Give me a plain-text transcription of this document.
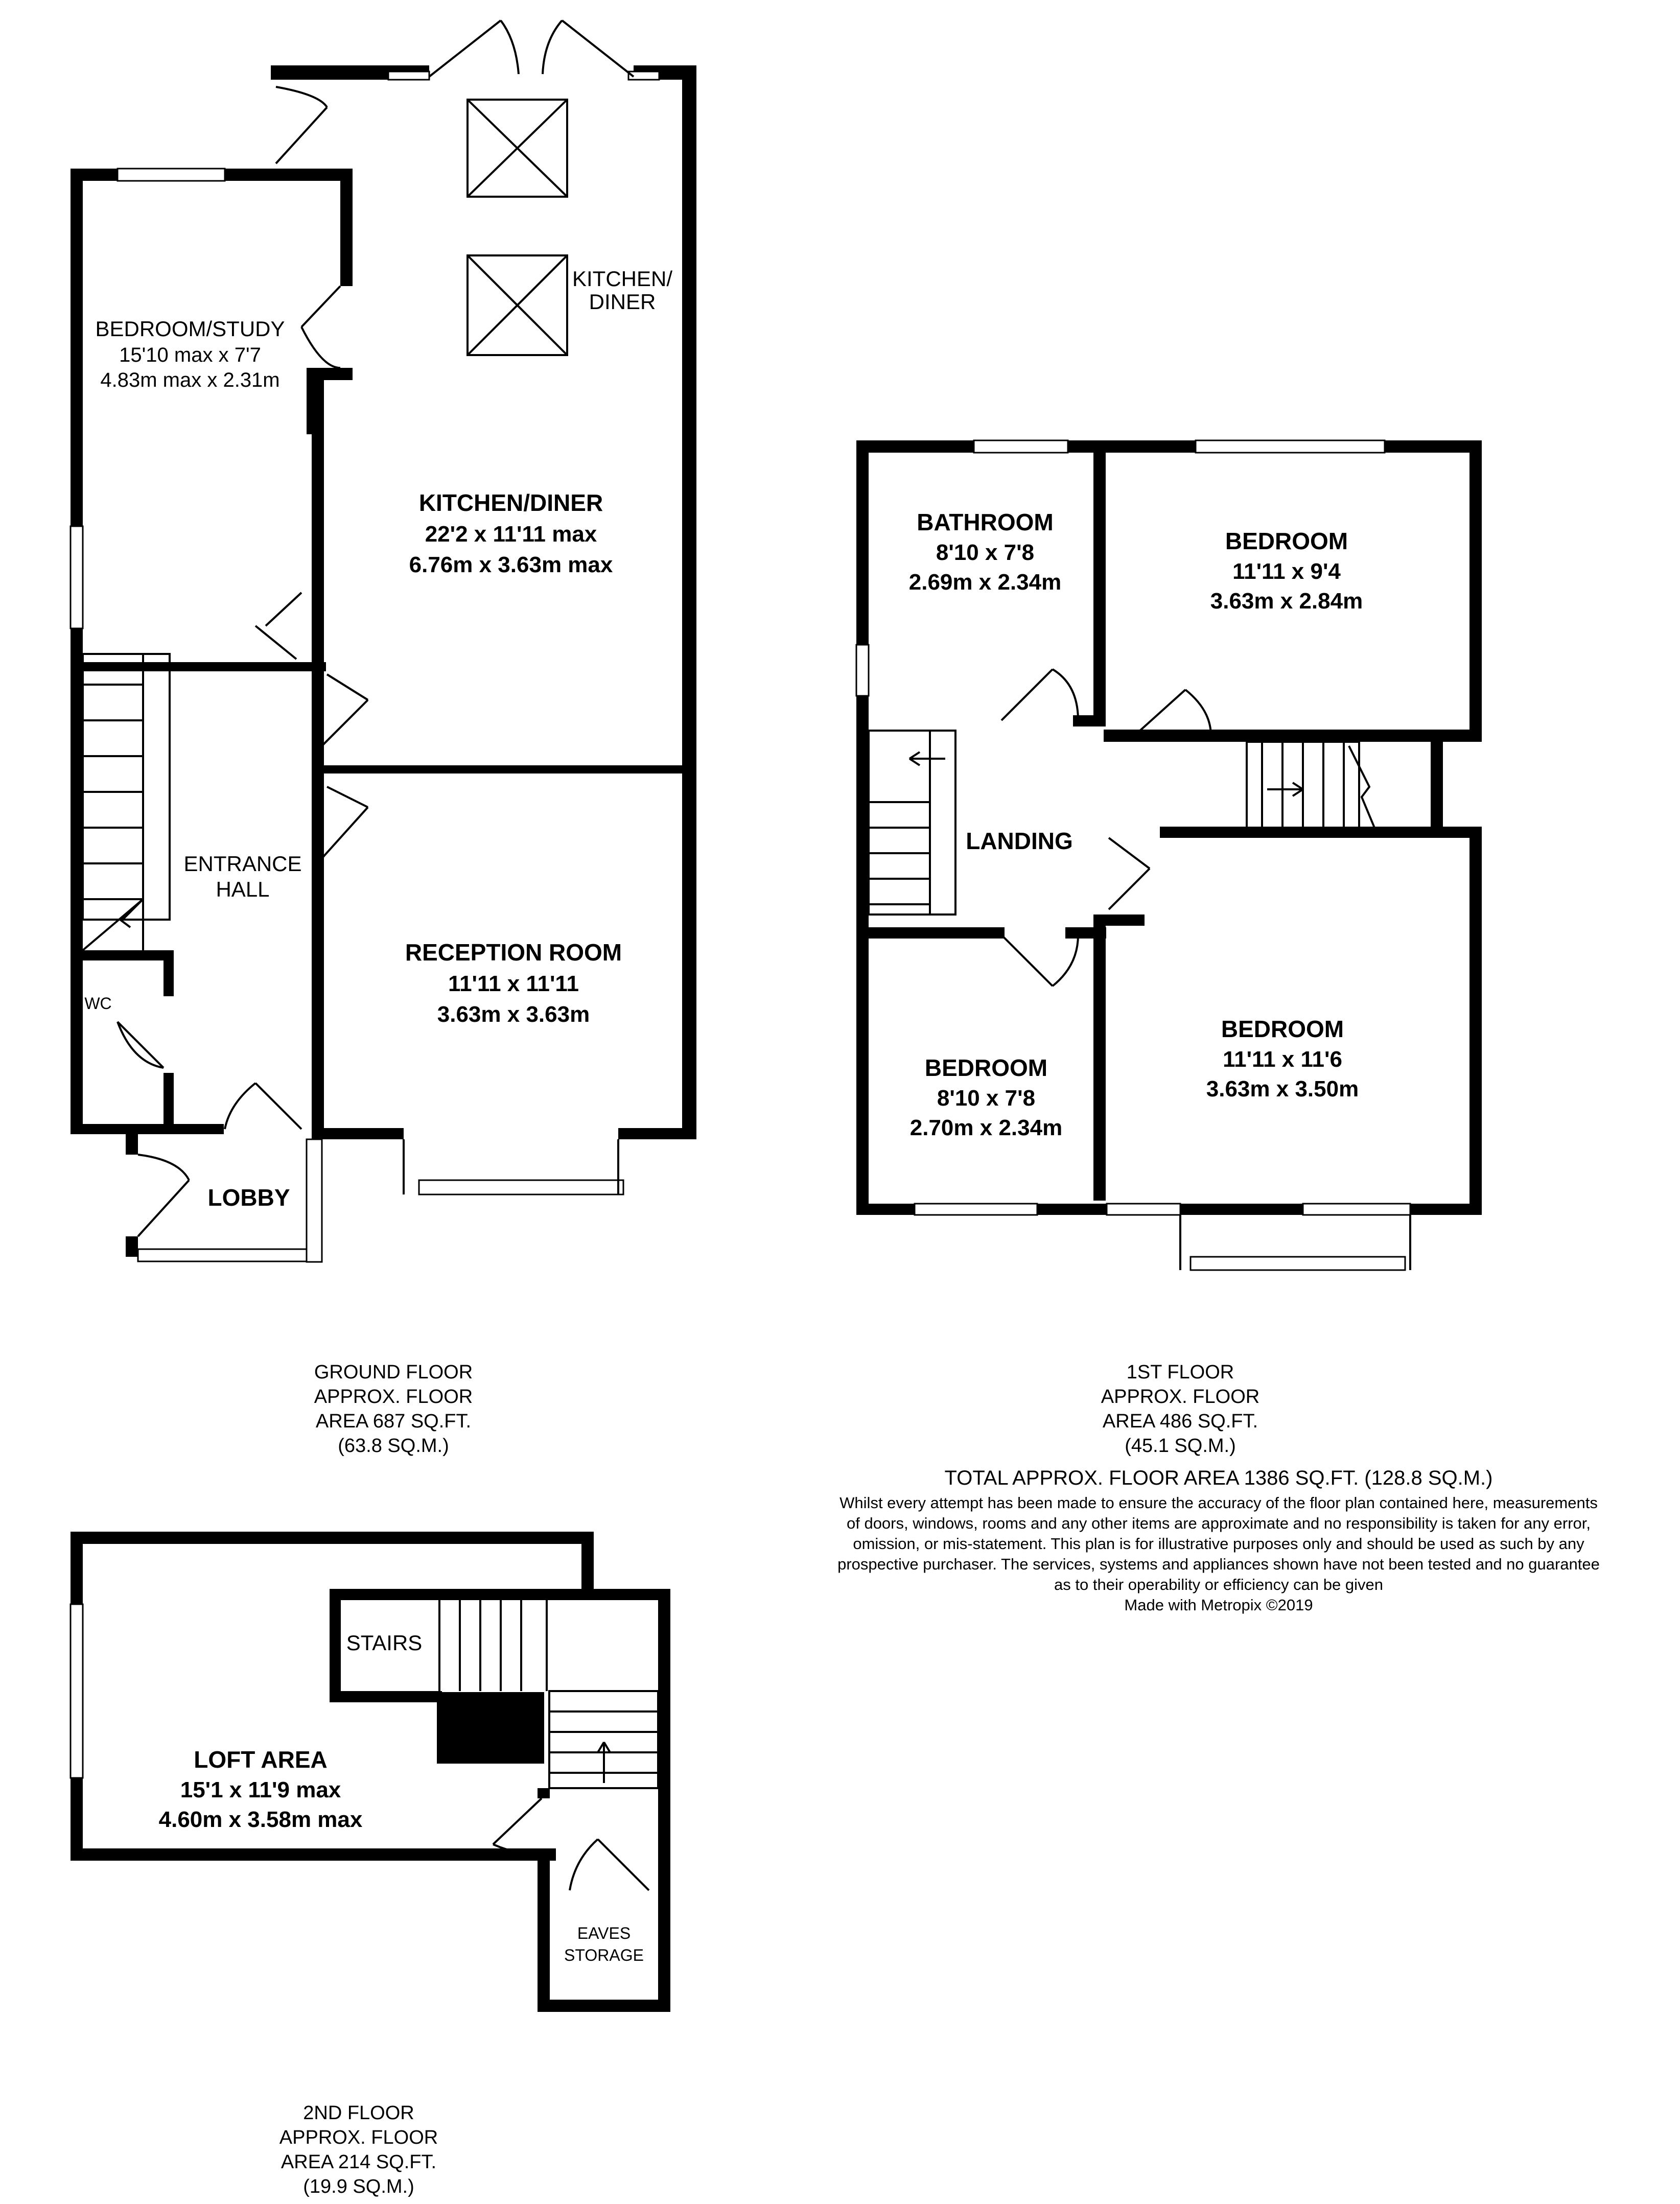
BEDROOM/STUDY
15'10 max x 7'7
4.83m max x 2.31m
KITCHEN/
DINER
KITCHEN/DINER
22'2 x 11'11 max
6.76m x 3.63m max
ENTRANCE
HALL
WC
RECEPTION ROOM
11'11 x 11'11
3.63m x 3.63m
LOBBY
GROUND FLOOR
APPROX. FLOOR
AREA 687 SQ.FT.
(63.8 SQ.M.)
BATHROOM
8'10 x 7'8
2.69m x 2.34m
BEDROOM
11'11 x 9'4
3.63m x 2.84m
LANDING
BEDROOM
8'10 x 7'8
2.70m x 2.34m
BEDROOM
11'11 x 11'6
3.63m x 3.50m
1ST FLOOR
APPROX. FLOOR
AREA 486 SQ.FT.
(45.1 SQ.M.)
TOTAL APPROX. FLOOR AREA 1386 SQ.FT. (128.8 SQ.M.)
Whilst every attempt has been made to ensure the accuracy of the floor plan contained here, measurements
of doors, windows, rooms and any other items are approximate and no responsibility is taken for any error,
omission, or mis-statement. This plan is for illustrative purposes only and should be used as such by any
prospective purchaser. The services, systems and appliances shown have not been tested and no guarantee
as to their operability or efficiency can be given
Made with Metropix ©2019
LOFT AREA
15'1 x 11'9 max
4.60m x 3.58m max
STAIRS
EAVES
STORAGE
2ND FLOOR
APPROX. FLOOR
AREA 214 SQ.FT.
(19.9 SQ.M.)
